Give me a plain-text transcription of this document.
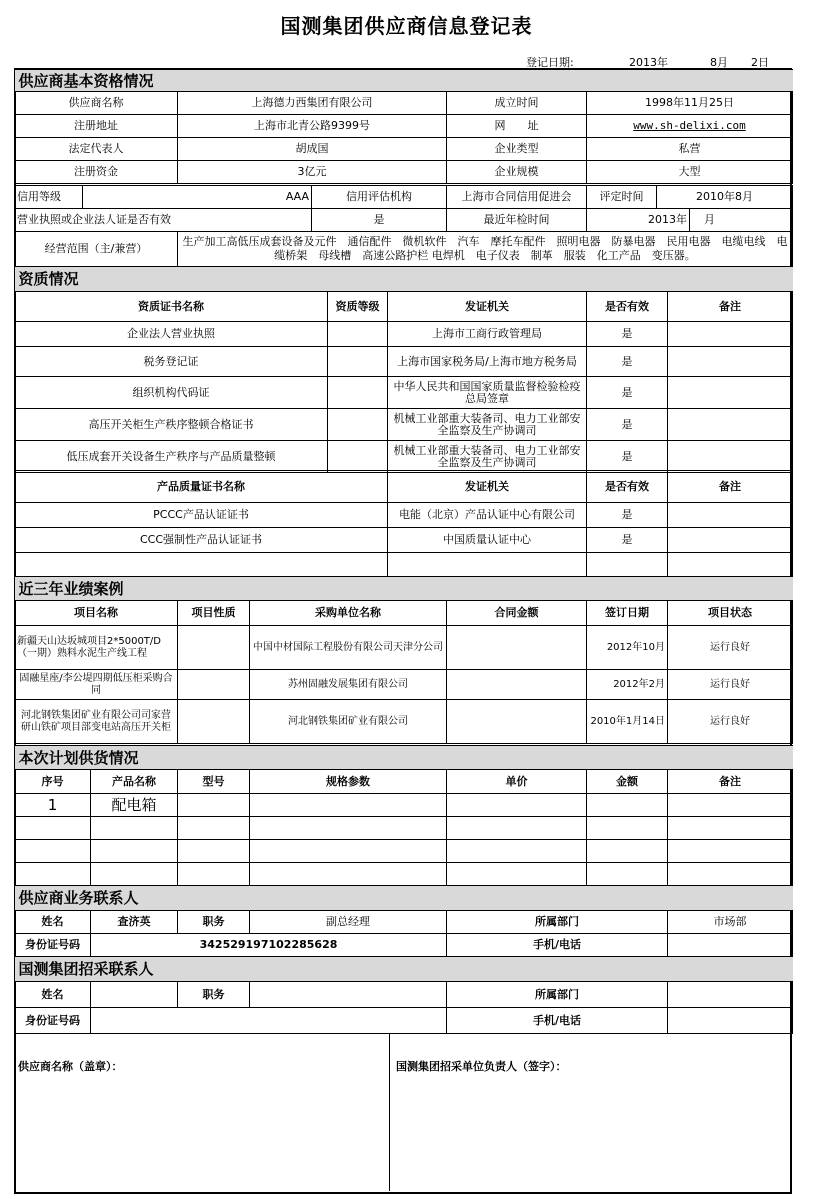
国测集团供应商信息登记表
登记日期:	2013年	8月 2日
供应商基本资格情况			
供应商名称	上海德力西集团有限公司	成立时间	1998年11月25日
注册地址	上海市北青公路9399号	网　　址	www.sh-delixi.com
法定代表人	胡成国	企业类型	私营
注册资金	3亿元	企业规模	大型
信用等级	AAA	信用评估机构	上海市合同信用促进会	评定时间	2010年8月
营业执照或企业法人证是否有效	是	最近年检时间	2013年	月
经营范围（主/兼营）	生产加工高低压成套设备及元件　通信配件　微机软件　汽车　摩托车配件　照明电器　防暴电器　民用电器　电缆电线　电缆桥架　母线槽　高速公路护栏 电焊机　电子仪表　制革　服装　化工产品　变压器。
资质情况				
资质证书名称	资质等级	发证机关	是否有效	备注
企业法人营业执照		上海市工商行政管理局	是	
税务登记证		上海市国家税务局/上海市地方税务局	是	
组织机构代码证		中华人民共和国国家质量监督检验检疫总局签章	是	
高压开关柜生产秩序整顿合格证书		机械工业部重大装备司、电力工业部安全监察及生产协调司	是	
低压成套开关设备生产秩序与产品质量整顿		机械工业部重大装备司、电力工业部安全监察及生产协调司	是	
产品质量证书名称	发证机关	是否有效	备注
PCCC产品认证证书	电能（北京）产品认证中心有限公司	是	
CCC强制性产品认证证书	中国质量认证中心	是	

近三年业绩案例					
项目名称	项目性质	采购单位名称	合同金额	签订日期	项目状态
新疆天山达坂城项目2*5000T/D（一期）熟料水泥生产线工程		中国中材国际工程股份有限公司天津分公司		2012年10月	运行良好
固融星座/李公堤四期低压柜采购合同		苏州固融发展集团有限公司		2012年2月	运行良好
河北钢铁集团矿业有限公司司家营研山铁矿项目部变电站高压开关柜		河北钢铁集团矿业有限公司		2010年1月14日	运行良好
本次计划供货情况						
序号	产品名称	型号	规格参数	单价	金额	备注
1	配电箱					

供应商业务联系人					
姓名	查济英	职务	副总经理	所属部门	市场部
身份证号码	342529197102285628			手机/电话	
国测集团招采联系人					
姓名		职务		所属部门	
身份证号码				手机/电话	
供应商名称（盖章）：	国测集团招采单位负责人（签字）：
